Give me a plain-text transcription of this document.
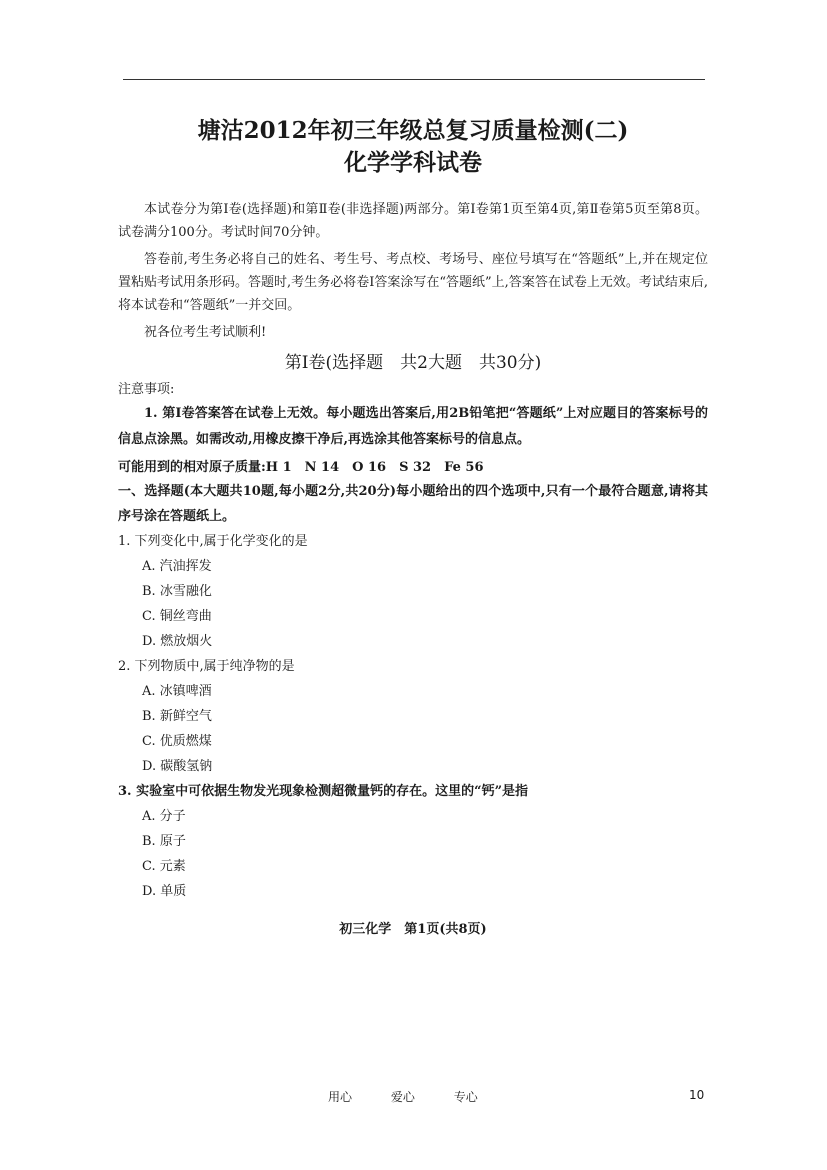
塘沽2012年初三年级总复习质量检测(二)
化学学科试卷
本试卷分为第Ⅰ卷(选择题)和第Ⅱ卷(非选择题)两部分。第Ⅰ卷第1页至第4页,第Ⅱ卷第5页至第8页。试卷满分100分。考试时间70分钟。
答卷前,考生务必将自己的姓名、考生号、考点校、考场号、座位号填写在“答题纸”上,并在规定位置粘贴考试用条形码。答题时,考生务必将卷Ⅰ答案涂写在“答题纸”上,答案答在试卷上无效。考试结束后,将本试卷和“答题纸”一并交回。
祝各位考生考试顺利!
第Ⅰ卷(选择题　共2大题　共30分)
注意事项:
1. 第Ⅰ卷答案答在试卷上无效。每小题选出答案后,用2B铅笔把“答题纸”上对应题目的答案标号的信息点涂黑。如需改动,用橡皮擦干净后,再选涂其他答案标号的信息点。
可能用到的相对原子质量:H 1　N 14　O 16　S 32　Fe 56
一、选择题(本大题共10题,每小题2分,共20分)每小题给出的四个选项中,只有一个最符合题意,请将其序号涂在答题纸上。
1. 下列变化中,属于化学变化的是
A. 汽油挥发
B. 冰雪融化
C. 铜丝弯曲
D. 燃放烟火
2. 下列物质中,属于纯净物的是
A. 冰镇啤酒
B. 新鲜空气
C. 优质燃煤
D. 碳酸氢钠
3. 实验室中可依据生物发光现象检测超微量钙的存在。这里的“钙”是指
A. 分子
B. 原子
C. 元素
D. 单质
初三化学　第1页(共8页)
用心	爱心	专心	10
